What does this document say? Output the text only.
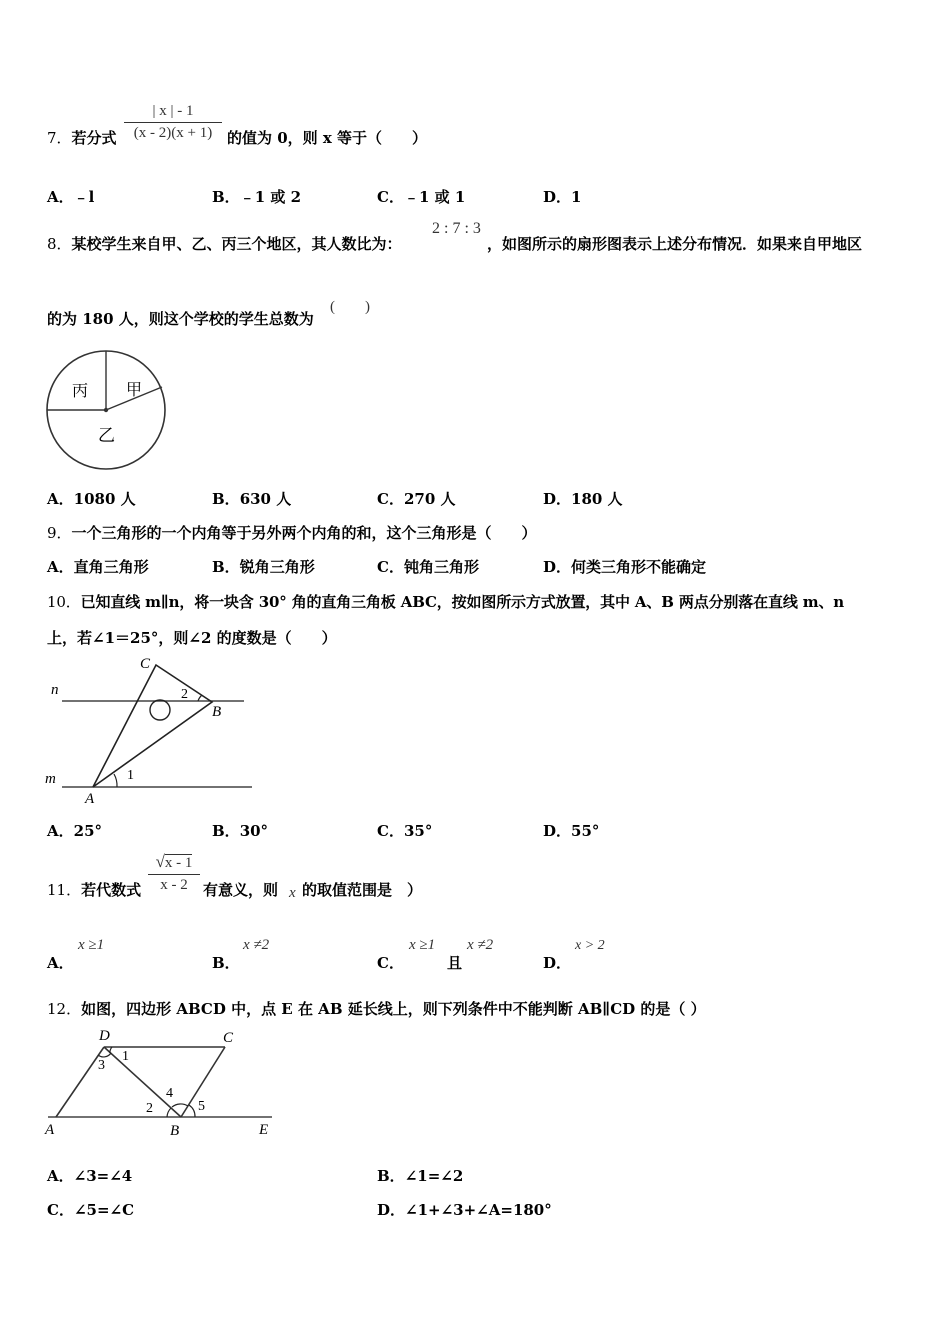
7．若分式
| x | - 1
(x - 2)(x + 1) 的值为 0，则 x 等于（　　）
A．﹣l	B．﹣1 或 2	C．﹣1 或 1	D．1
8．某校学生来自甲、乙、丙三个地区，其人数比为：
2 : 7 : 3
，如图所示的扇形图表示上述分布情况．如果来自甲地区
的为 180 人，则这个学校的学生总数为
(　　)
甲
丙
乙
A．1080 人	B．630 人	C．270 人	D．180 人
9．一个三角形的一个内角等于另外两个内角的和，这个三角形是（　　）
A．直角三角形	B．锐角三角形	C．钝角三角形	D．何类三角形不能确定
10．已知直线 m∥n，将一块含 30° 角的直角三角板 ABC，按如图所示方式放置，其中 A、B 两点分别落在直线 m、n
上，若∠1＝25°，则∠2 的度数是（　　）
C
B
A
n
m	1
2
A．25°	B．30°	C．35°	D．55°
11．若代数式
√x - 1
x - 2	有意义，则 x 的取值范围是　）
A．
x ≥1
B．
x ≠2
C．
x ≥1
且
x ≠2
D．
x > 2
12．如图，四边形 ABCD 中，点 E 在 AB 延长线上，则下列条件中不能判断 AB∥CD 的是（ ）
D	C
A	B	E
1
3
2
4
5
A．∠3=∠4	B．∠1=∠2
C．∠5=∠C	D．∠1+∠3+∠A=180°
